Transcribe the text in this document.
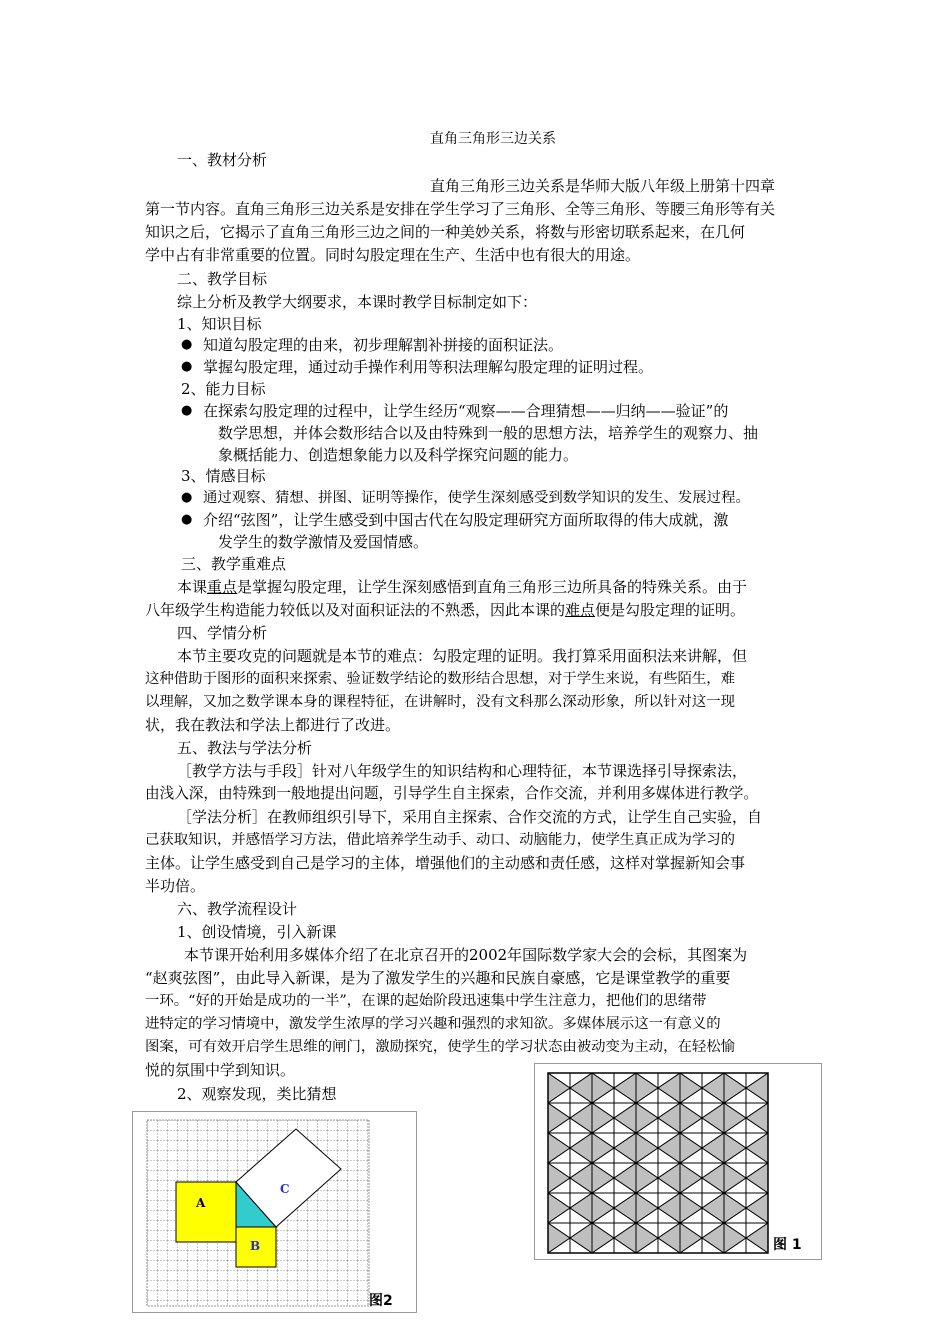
直角三角形三边关系
一、教材分析
直角三角形三边关系是华师大版八年级上册第十四章
第一节内容。直角三角形三边关系是安排在学生学习了三角形、全等三角形、等腰三角形等有关
知识之后，它揭示了直角三角形三边之间的一种美妙关系，将数与形密切联系起来，在几何
学中占有非常重要的位置。同时勾股定理在生产、生活中也有很大的用途。
二、教学目标
综上分析及教学大纲要求，本课时教学目标制定如下：
1、知识目标
● 知道勾股定理的由来，初步理解割补拼接的面积证法。
● 掌握勾股定理，通过动手操作利用等积法理解勾股定理的证明过程。
2、能力目标
● 在探索勾股定理的过程中，让学生经历“观察——合理猜想——归纳——验证”的
数学思想，并体会数形结合以及由特殊到一般的思想方法，培养学生的观察力、抽
象概括能力、创造想象能力以及科学探究问题的能力。
3、情感目标
● 通过观察、猜想、拼图、证明等操作，使学生深刻感受到数学知识的发生、发展过程。
● 介绍“弦图”，让学生感受到中国古代在勾股定理研究方面所取得的伟大成就，激
发学生的数学激情及爱国情感。
三、教学重难点
本课重点是掌握勾股定理，让学生深刻感悟到直角三角形三边所具备的特殊关系。由于
八年级学生构造能力较低以及对面积证法的不熟悉，因此本课的难点便是勾股定理的证明。
四、学情分析
本节主要攻克的问题就是本节的难点：勾股定理的证明。我打算采用面积法来讲解，但
这种借助于图形的面积来探索、验证数学结论的数形结合思想，对于学生来说，有些陌生，难
以理解，又加之数学课本身的课程特征，在讲解时，没有文科那么深动形象，所以针对这一现
状，我在教法和学法上都进行了改进。
五、教法与学法分析
［教学方法与手段］针对八年级学生的知识结构和心理特征，本节课选择引导探索法，
由浅入深，由特殊到一般地提出问题，引导学生自主探索，合作交流，并利用多媒体进行教学。
［学法分析］在教师组织引导下，采用自主探索、合作交流的方式，让学生自己实验，自
己获取知识，并感悟学习方法，借此培养学生动手、动口、动脑能力，使学生真正成为学习的
主体。让学生感受到自己是学习的主体，增强他们的主动感和责任感，这样对掌握新知会事
半功倍。
六、教学流程设计
1、创设情境，引入新课
本节课开始利用多媒体介绍了在北京召开的2002年国际数学家大会的会标，其图案为
“赵爽弦图”，由此导入新课，是为了激发学生的兴趣和民族自豪感，它是课堂教学的重要
一环。“好的开始是成功的一半”，在课的起始阶段迅速集中学生注意力，把他们的思绪带
进特定的学习情境中，激发学生浓厚的学习兴趣和强烈的求知欲。多媒体展示这一有意义的
图案，可有效开启学生思维的闸门，激励探究，使学生的学习状态由被动变为主动，在轻松愉
悦的氛围中学到知识。
2、观察发现，类比猜想
图 1
A
B
C
图2
